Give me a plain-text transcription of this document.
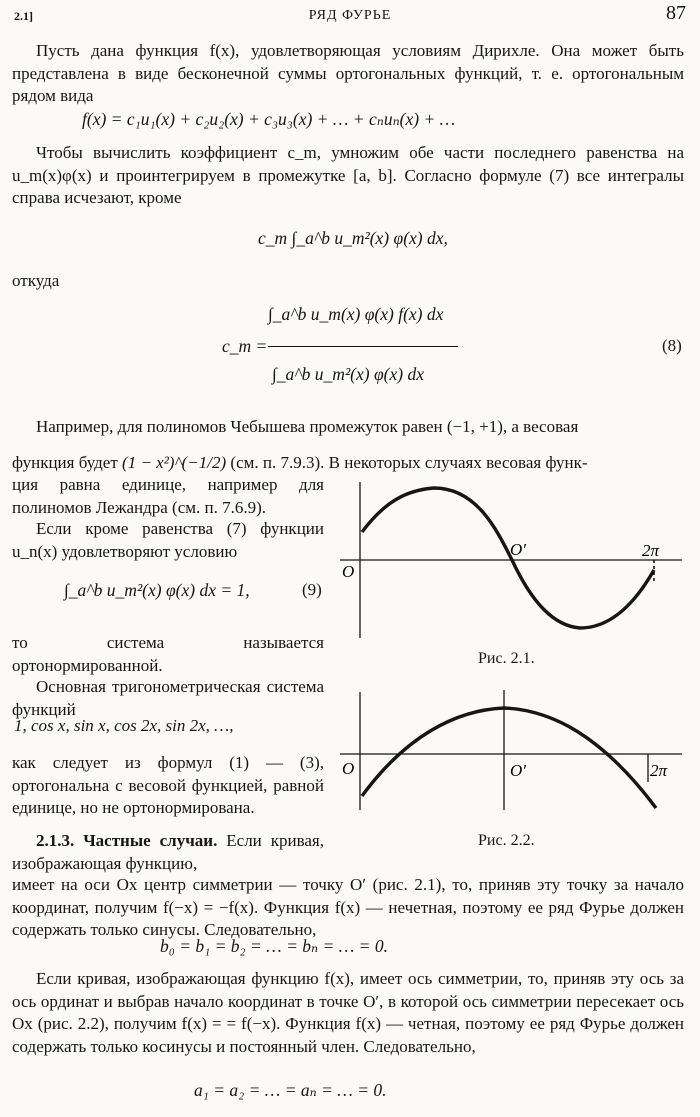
2.1]	РЯД ФУРЬЕ	87
Пусть дана функция f(x), удовлетворяющая условиям Дирихле. Она может быть представлена в виде бесконечной суммы ортогональных функций, т. е. ортогональным рядом вида
f(x) = c₁u₁(x) + c₂u₂(x) + c₃u₃(x) + … + cₙuₙ(x) + …
Чтобы вычислить коэффициент c_m, умножим обе части последнего равенства на u_m(x)φ(x) и проинтегрируем в промежутке [a, b]. Согласно формуле (7) все интегралы справа исчезают, кроме
c_m ∫_a^b u_m²(x) φ(x) dx,
откуда
c_m =
∫_a^b u_m(x) φ(x) f(x) dx
∫_a^b u_m²(x) φ(x) dx
(8)
Например, для полиномов Чебышева промежуток равен (−1, +1), а весовая
функция будет (1 − x²)^(−1/2) (см. п. 7.9.3). В некоторых случаях весовая функ-
ция равна единице, например для полиномов Лежандра (см. п. 7.6.9).
Если кроме равенства (7) функции u_n(x) удовлетворяют условию
∫_a^b u_m²(x) φ(x) dx = 1,	(9)
то система называется ортонормированной.
Основная тригонометрическая система функций
1, cos x, sin x, cos 2x, sin 2x, …,
как следует из формул (1) — (3), ортогональна с весовой функцией, равной единице, но не ортонормирована.
2.1.3. Частные случаи. Если кривая, изображающая функцию,
имеет на оси Ox центр симметрии — точку O′ (рис. 2.1), то, приняв эту точку за начало координат, получим f(−x) = −f(x). Функция f(x) — нечетная, поэтому ее ряд Фурье должен содержать только синусы. Следовательно,
b₀ = b₁ = b₂ = … = bₙ = … = 0.
Если кривая, изображающая функцию f(x), имеет ось симметрии, то, приняв эту ось за ось ординат и выбрав начало координат в точке O′, в которой ось симметрии пересекает ось Ox (рис. 2.2), получим f(x) = = f(−x). Функция f(x) — четная, поэтому ее ряд Фурье должен содержать только косинусы и постоянный член. Следовательно,
a₁ = a₂ = … = aₙ = … = 0.
O
O′	2π
Рис. 2.1.
O	O′	2π
Рис. 2.2.
